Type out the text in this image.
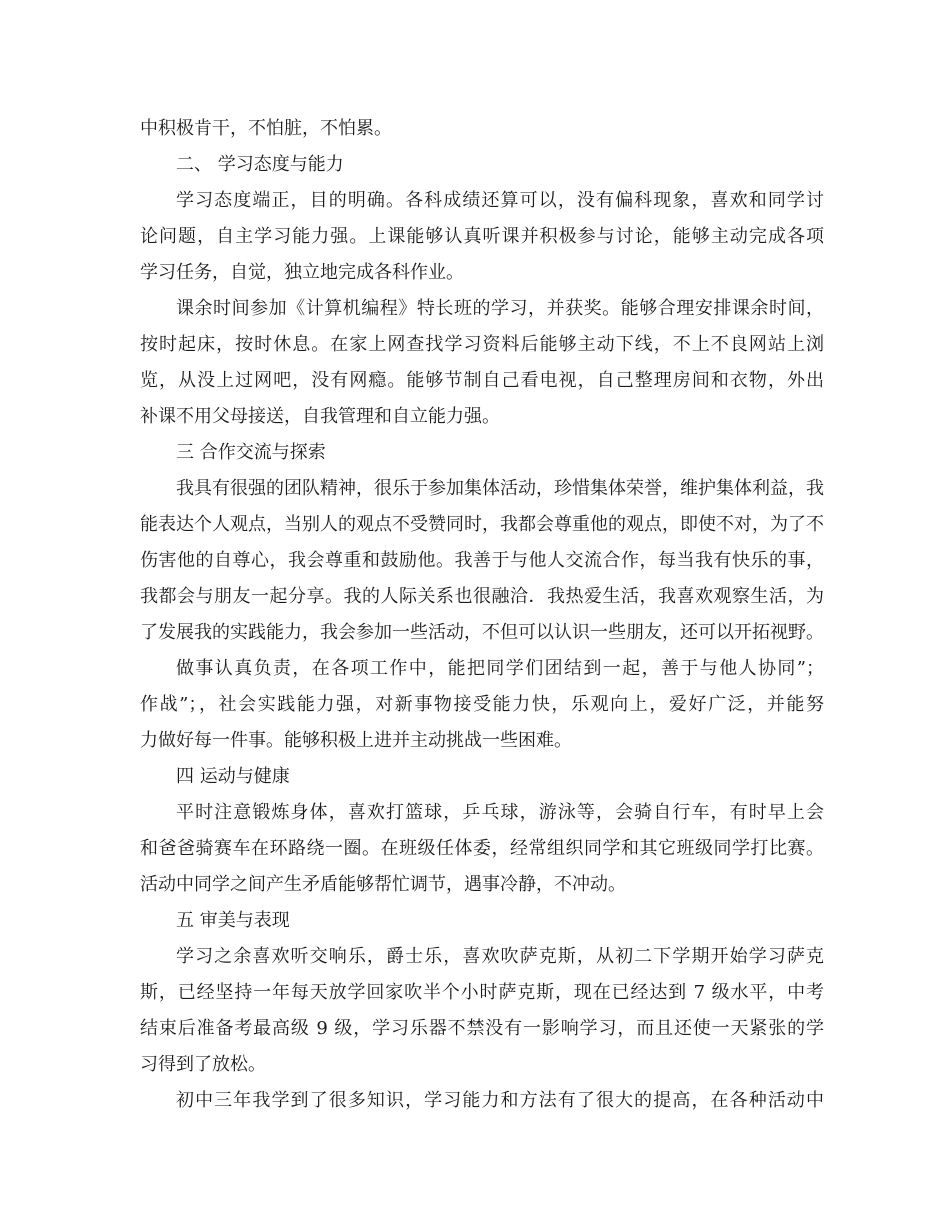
中积极肯干，不怕脏，不怕累。
二、 学习态度与能力
学习态度端正，目的明确。各科成绩还算可以，没有偏科现象，喜欢和同学讨
论问题，自主学习能力强。上课能够认真听课并积极参与讨论，能够主动完成各项
学习任务，自觉，独立地完成各科作业。
课余时间参加《计算机编程》特长班的学习，并获奖。能够合理安排课余时间，
按时起床，按时休息。在家上网查找学习资料后能够主动下线，不上不良网站上浏
览，从没上过网吧，没有网瘾。能够节制自己看电视，自己整理房间和衣物，外出
补课不用父母接送，自我管理和自立能力强。
三 合作交流与探索
我具有很强的团队精神，很乐于参加集体活动，珍惜集体荣誉，维护集体利益，我
能表达个人观点，当别人的观点不受赞同时，我都会尊重他的观点，即使不对，为了不
伤害他的自尊心，我会尊重和鼓励他。我善于与他人交流合作，每当我有快乐的事，
我都会与朋友一起分享。我的人际关系也很融洽．我热爱生活，我喜欢观察生活，为
了发展我的实践能力，我会参加一些活动，不但可以认识一些朋友，还可以开拓视野。
做事认真负责，在各项工作中，能把同学们团结到一起，善于与他人协同”；
作战”；，社会实践能力强，对新事物接受能力快，乐观向上，爱好广泛，并能努
力做好每一件事。能够积极上进并主动挑战一些困难。
四 运动与健康
平时注意锻炼身体，喜欢打篮球，乒乓球，游泳等，会骑自行车，有时早上会
和爸爸骑赛车在环路绕一圈。在班级任体委，经常组织同学和其它班级同学打比赛。
活动中同学之间产生矛盾能够帮忙调节，遇事冷静，不冲动。
五 审美与表现
学习之余喜欢听交响乐，爵士乐，喜欢吹萨克斯，从初二下学期开始学习萨克
斯，已经坚持一年每天放学回家吹半个小时萨克斯，现在已经达到 7 级水平，中考
结束后准备考最高级 9 级，学习乐器不禁没有一影响学习，而且还使一天紧张的学
习得到了放松。
初中三年我学到了很多知识，学习能力和方法有了很大的提高，在各种活动中
